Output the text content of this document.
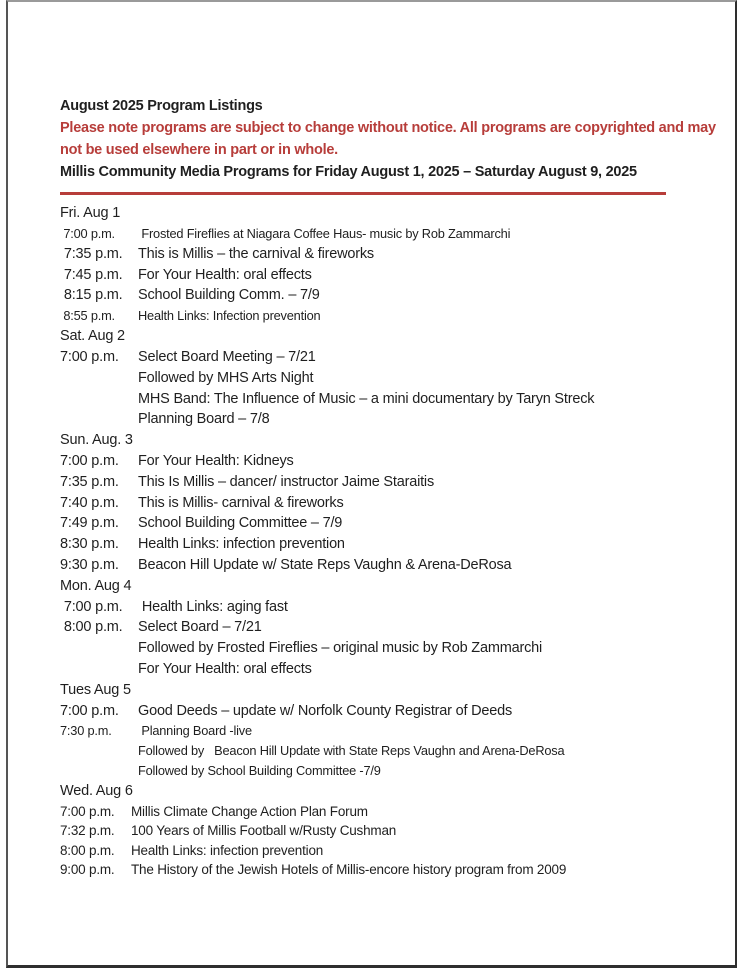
August 2025 Program Listings
Please note programs are subject to change without notice. All programs are copyrighted and may
not be used elsewhere in part or in whole.
Millis Community Media Programs for Friday August 1, 2025 – Saturday August 9, 2025
Fri. Aug 1
7:00 p.m.	Frosted Fireflies at Niagara Coffee Haus- music by Rob Zammarchi
7:35 p.m.	This is Millis – the carnival & fireworks
7:45 p.m.	For Your Health: oral effects
8:15 p.m.	School Building Comm. – 7/9
8:55 p.m.	Health Links: Infection prevention
Sat. Aug 2
7:00 p.m.	Select Board Meeting – 7/21
Followed by MHS Arts Night
MHS Band: The Influence of Music – a mini documentary by Taryn Streck
Planning Board – 7/8
Sun. Aug. 3
7:00 p.m.	For Your Health: Kidneys
7:35 p.m.	This Is Millis – dancer/ instructor Jaime Staraitis
7:40 p.m.	This is Millis- carnival & fireworks
7:49 p.m.	School Building Committee – 7/9
8:30 p.m.	Health Links: infection prevention
9:30 p.m.	Beacon Hill Update w/ State Reps Vaughn & Arena-DeRosa
Mon. Aug 4
7:00 p.m.	Health Links: aging fast
8:00 p.m.	Select Board – 7/21
Followed by Frosted Fireflies – original music by Rob Zammarchi
For Your Health: oral effects
Tues Aug 5
7:00 p.m.	Good Deeds – update w/ Norfolk County Registrar of Deeds
7:30 p.m.	Planning Board -live
Followed by   Beacon Hill Update with State Reps Vaughn and Arena-DeRosa
Followed by School Building Committee -7/9
Wed. Aug 6
7:00 p.m.	Millis Climate Change Action Plan Forum
7:32 p.m.	100 Years of Millis Football w/Rusty Cushman
8:00 p.m.	Health Links: infection prevention
9:00 p.m.	The History of the Jewish Hotels of Millis-encore history program from 2009
